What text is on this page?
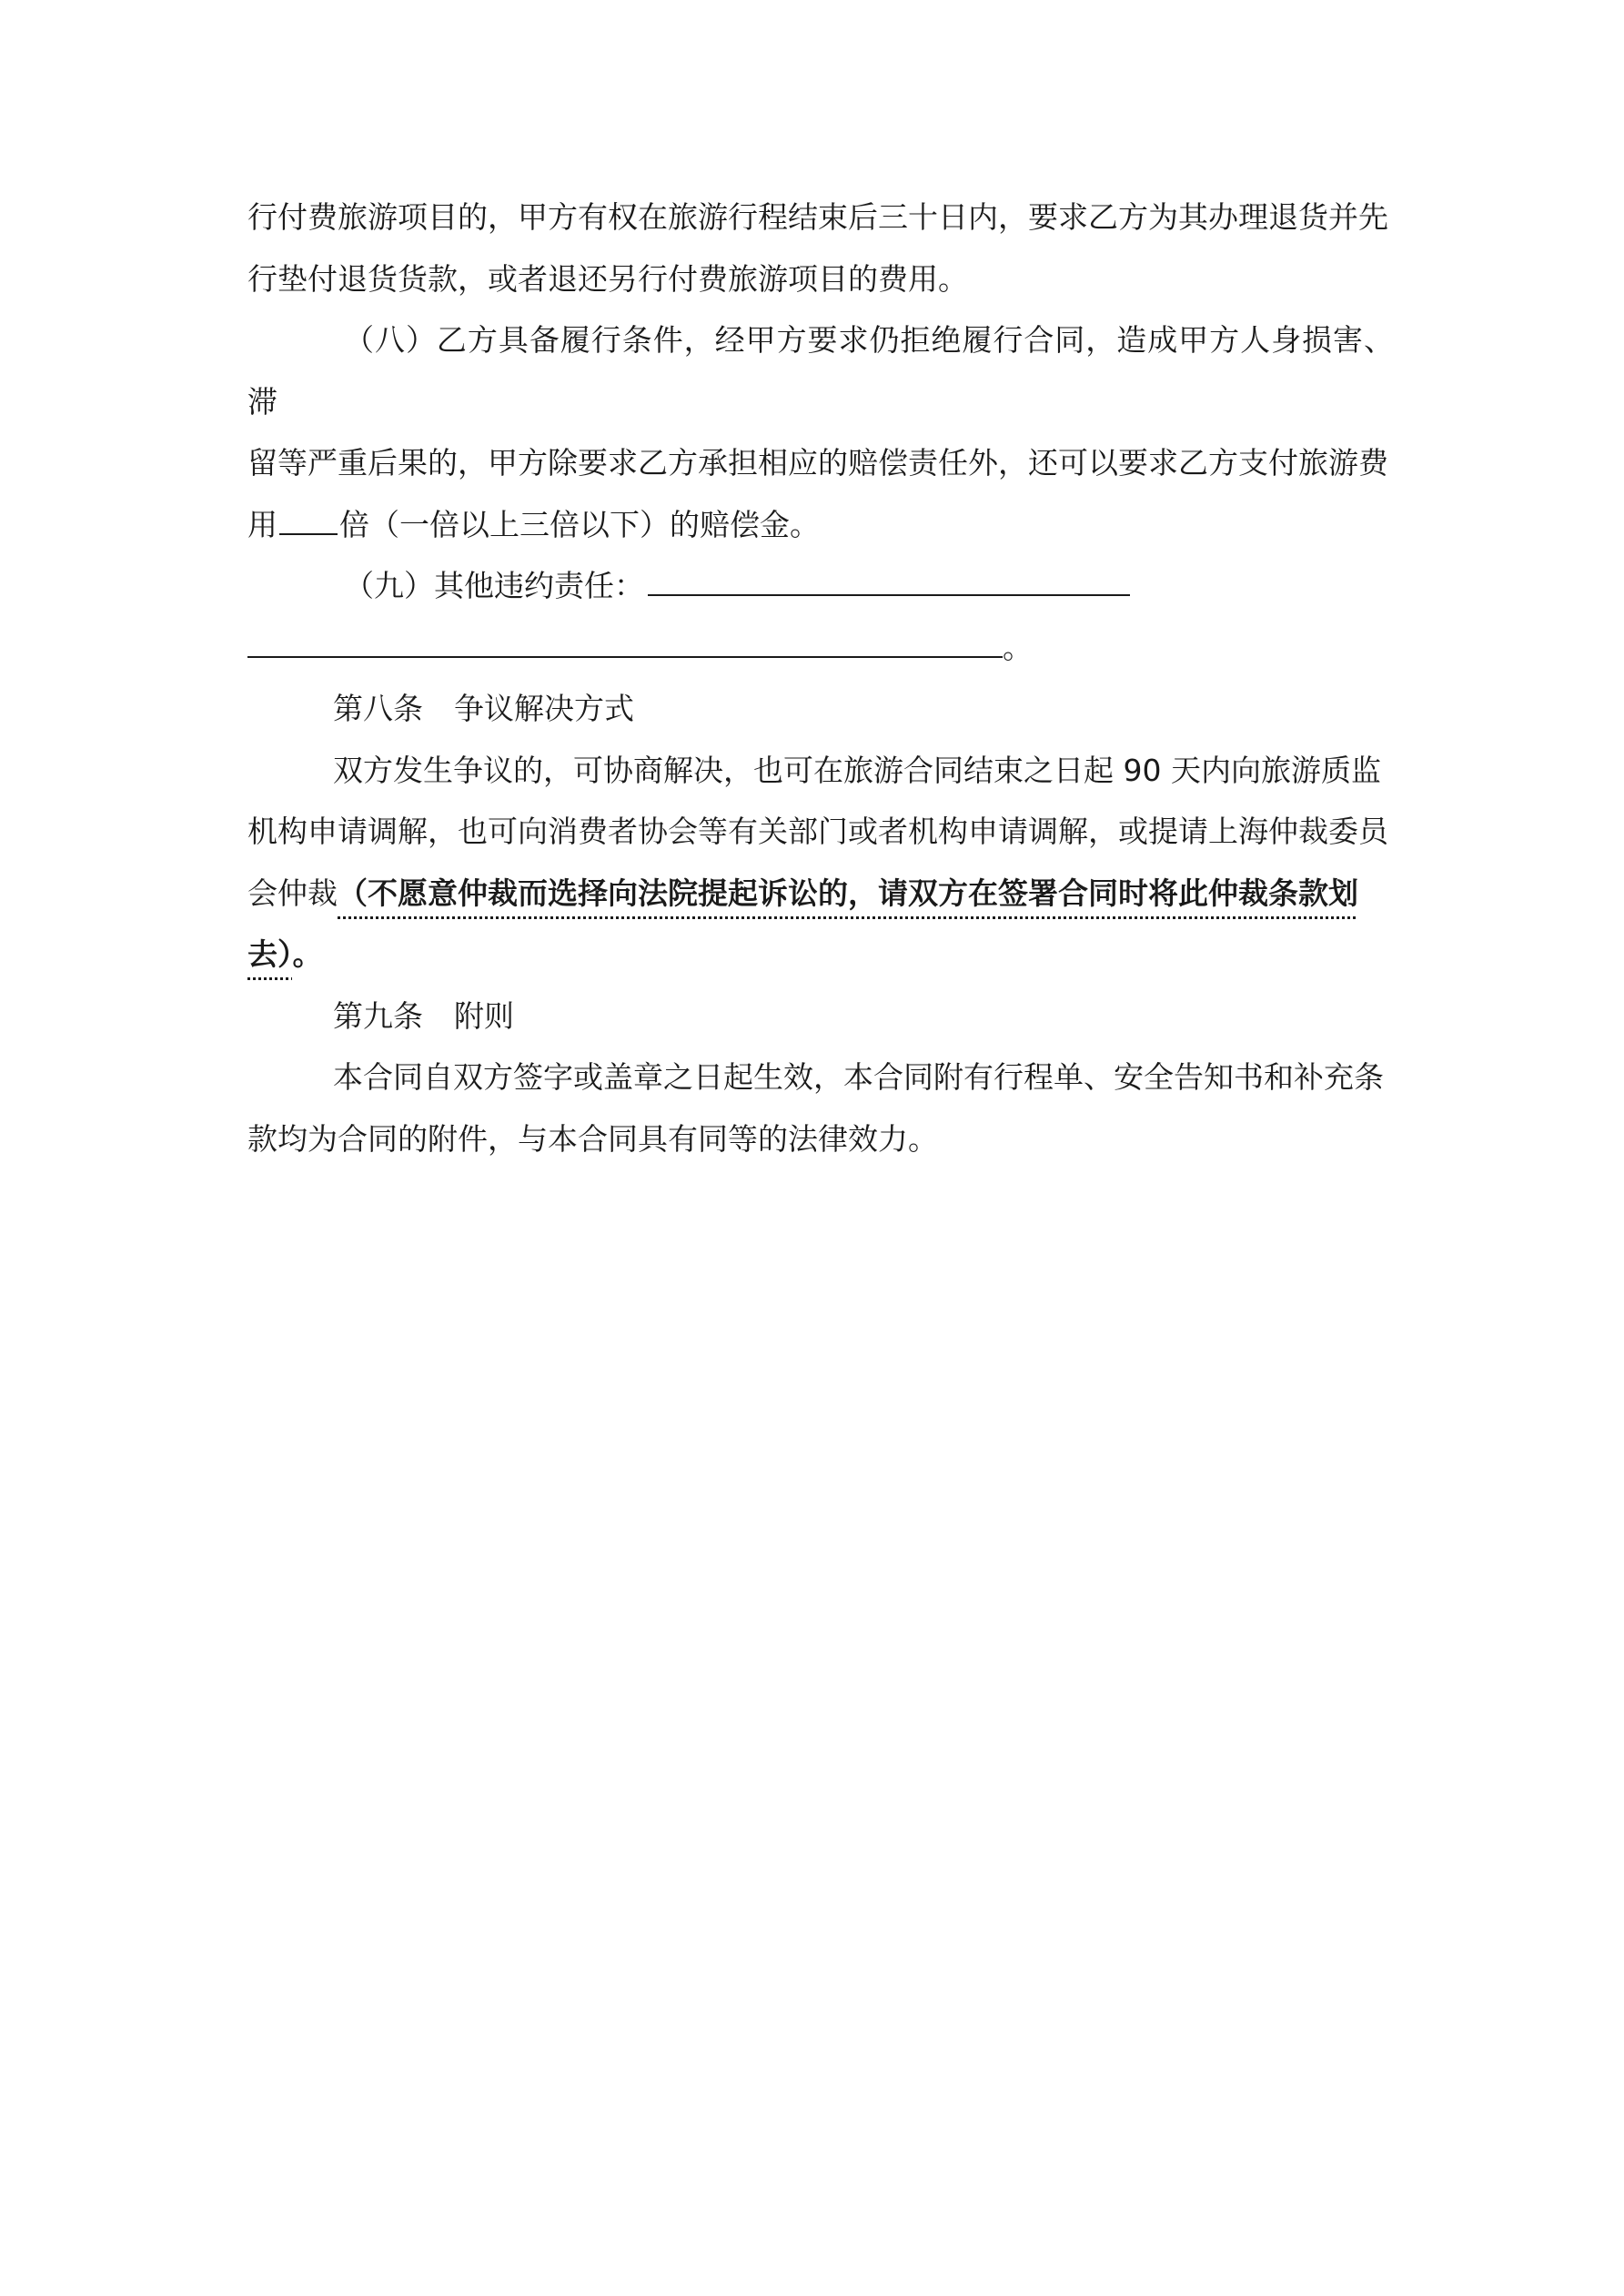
行付费旅游项目的，甲方有权在旅游行程结束后三十日内，要求乙方为其办理退货并先
行垫付退货货款，或者退还另行付费旅游项目的费用。

（八）乙方具备履行条件，经甲方要求仍拒绝履行合同，造成甲方人身损害、滞
留等严重后果的，甲方除要求乙方承担相应的赔偿责任外，还可以要求乙方支付旅游费
用 倍（一倍以上三倍以下）的赔偿金。

（九）其他违约责任：
。

第八条 争议解决方式

双方发生争议的，可协商解决，也可在旅游合同结束之日起 90 天内向旅游质监
机构申请调解，也可向消费者协会等有关部门或者机构申请调解，或提请上海仲裁委员
会仲裁（不愿意仲裁而选择向法院提起诉讼的，请双方在签署合同时将此仲裁条款划
去）。

第九条 附则

本合同自双方签字或盖章之日起生效，本合同附有行程单、安全告知书和补充条
款均为合同的附件，与本合同具有同等的法律效力。
